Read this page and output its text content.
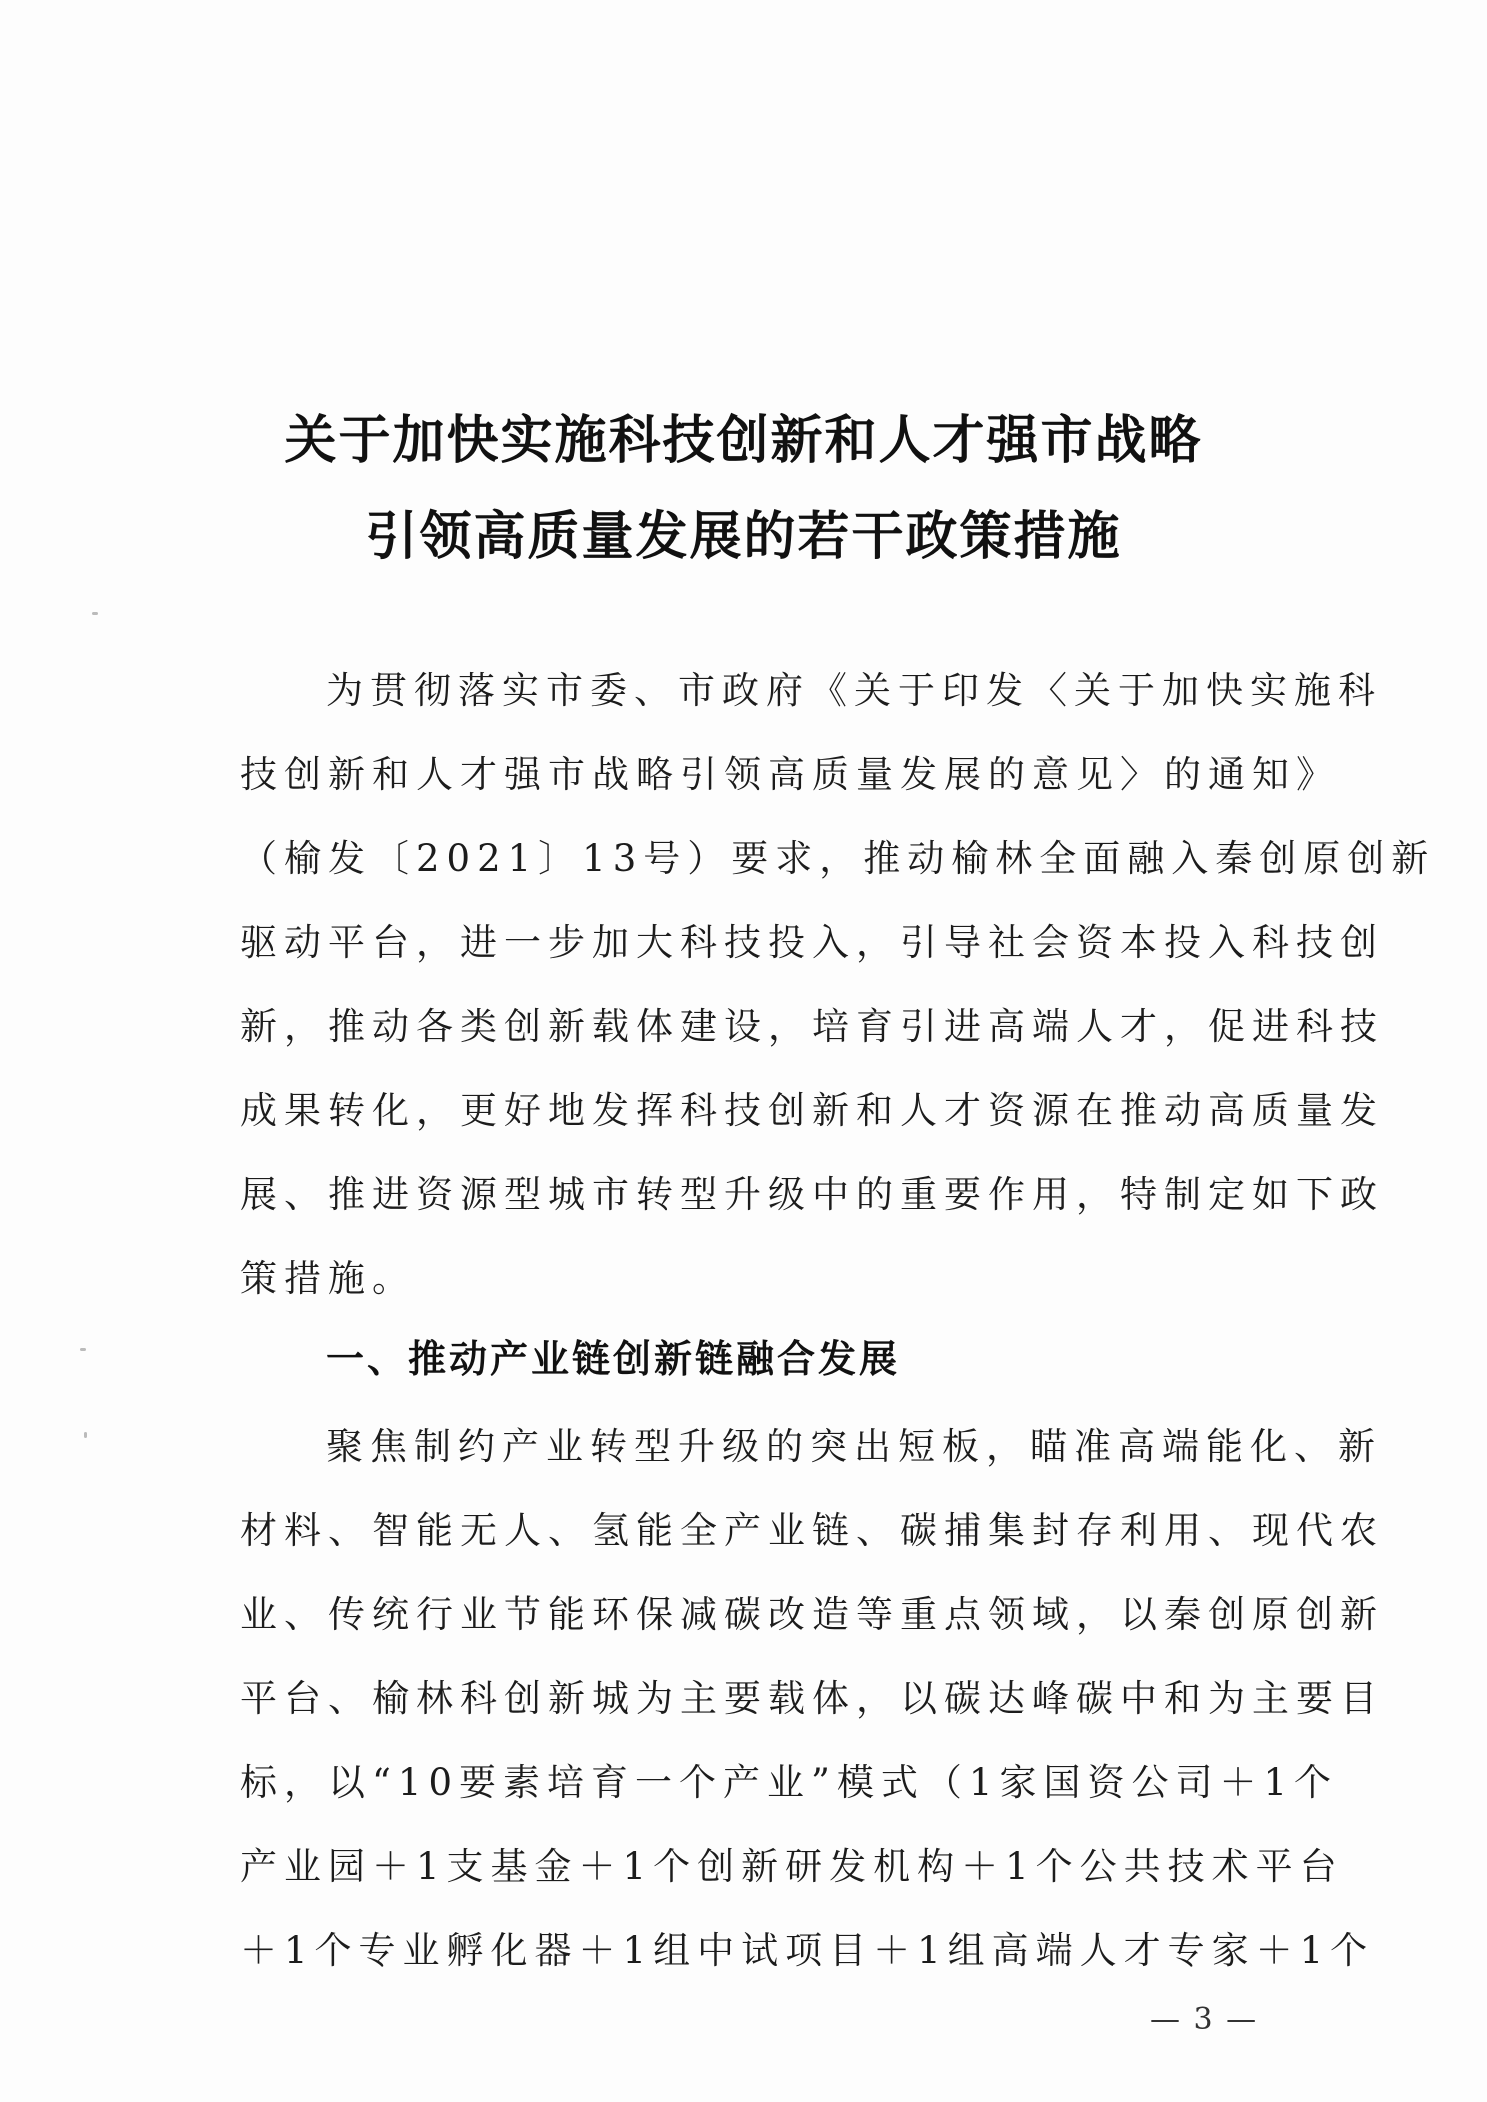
关于加快实施科技创新和人才强市战略
引领高质量发展的若干政策措施
为贯彻落实市委、市政府《关于印发〈关于加快实施科
技创新和人才强市战略引领高质量发展的意见〉的通知》
（榆发〔2021〕13号）要求，推动榆林全面融入秦创原创新
驱动平台，进一步加大科技投入，引导社会资本投入科技创
新，推动各类创新载体建设，培育引进高端人才，促进科技
成果转化，更好地发挥科技创新和人才资源在推动高质量发
展、推进资源型城市转型升级中的重要作用，特制定如下政
策措施。
一、推动产业链创新链融合发展
聚焦制约产业转型升级的突出短板，瞄准高端能化、新
材料、智能无人、氢能全产业链、碳捕集封存利用、现代农
业、传统行业节能环保减碳改造等重点领域，以秦创原创新
平台、榆林科创新城为主要载体，以碳达峰碳中和为主要目
标，以“10要素培育一个产业”模式（1家国资公司＋1个
产业园＋1支基金＋1个创新研发机构＋1个公共技术平台
＋1个专业孵化器＋1组中试项目＋1组高端人才专家＋1个
— 3 —
